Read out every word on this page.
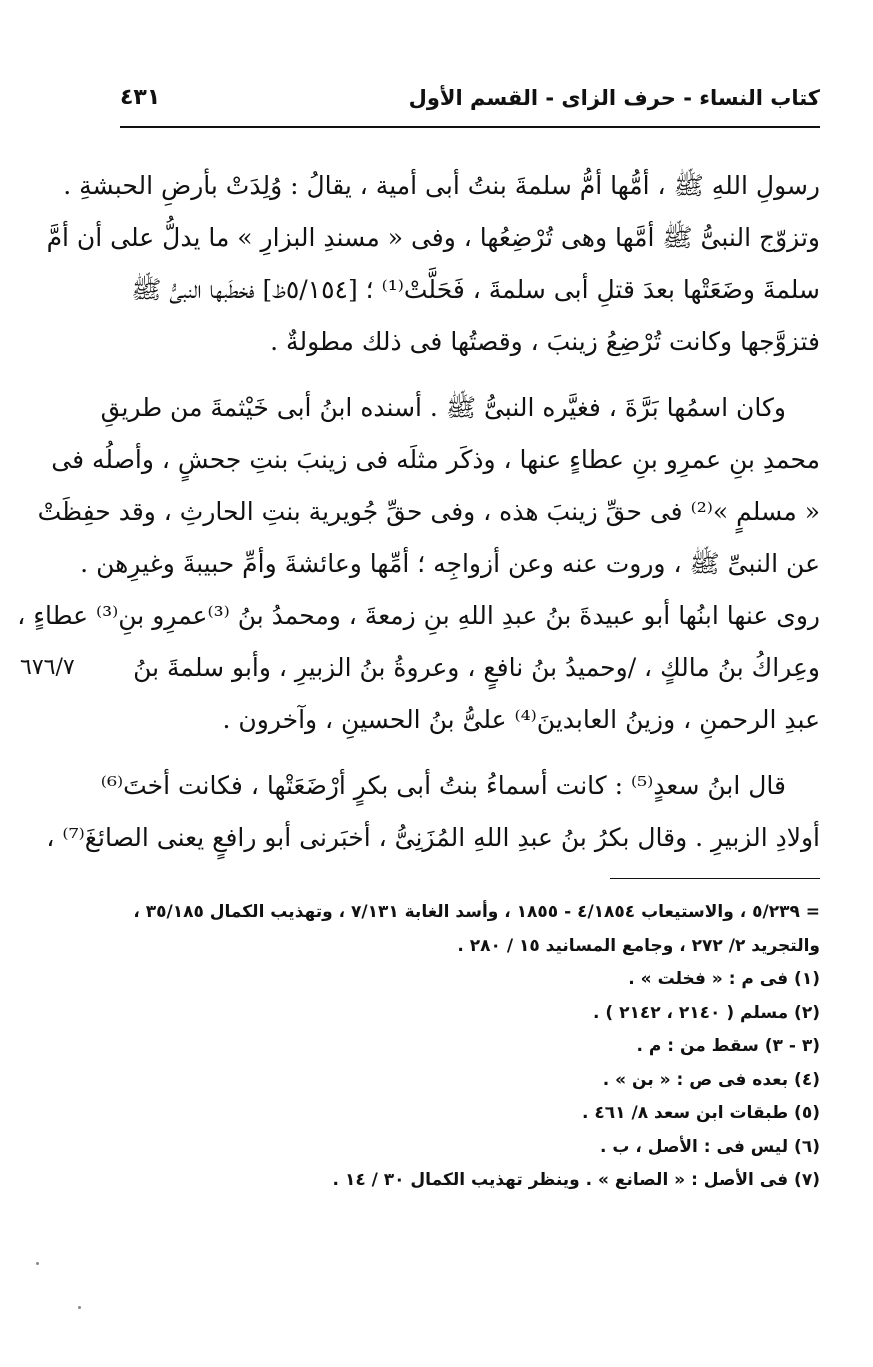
كتاب النساء - حرف الزاى - القسم الأول
٤٣١
رسولِ اللهِ ﷺ ، أمُّها أمُّ سلمةَ بنتُ أبى أمية ، يقالُ : وُلِدَتْ بأرضِ الحبشةِ .
وتزوّج النبىُّ ﷺ أمَّها وهى تُرْضِعُها ، وفى « مسندِ البزارِ » ما يدلُّ على أن أمَّ
سلمةَ وضَعَتْها بعدَ قتلِ أبى سلمةَ ، فَحَلَّتْ⁽¹⁾ ؛ [٥/١٥٤ظ] فخطَبها النبىُّ ﷺ
فتزوَّجها وكانت تُرْضِعُ زينبَ ، وقصتُها فى ذلك مطولةٌ .
وكان اسمُها بَرَّةَ ، فغيَّره النبىُّ ﷺ . أسنده ابنُ أبى خَيْثمةَ من طريقِ
محمدِ بنِ عمرِو بنِ عطاءٍ عنها ، وذكَر مثلَه فى زينبَ بنتِ جحشٍ ، وأصلُه فى
« مسلمٍ »⁽²⁾ فى حقِّ زينبَ هذه ، وفى حقِّ جُويرية بنتِ الحارثِ ، وقد حفِظَتْ
عن النبىِّ ﷺ ، وروت عنه وعن أزواجِه ؛ أمِّها وعائشةَ وأمِّ حبيبةَ وغيرِهن .
روى عنها ابنُها أبو عبيدةَ بنُ عبدِ اللهِ بنِ زمعةَ ، ومحمدُ بنُ ⁽³⁾عمرِو بنِ⁽³⁾ عطاءٍ ،
وعِراكُ بنُ مالكٍ ، /وحميدُ بنُ نافعٍ ، وعروةُ بنُ الزبيرِ ، وأبو سلمةَ بنُ
٦٧٦/٧
عبدِ الرحمنِ ، وزينُ العابدينَ⁽⁴⁾ علىُّ بنُ الحسينِ ، وآخرون .
قال ابنُ سعدٍ⁽⁵⁾ : كانت أسماءُ بنتُ أبى بكرٍ أرْضَعَتْها ، فكانت أختَ⁽⁶⁾
أولادِ الزبيرِ . وقال بكرُ بنُ عبدِ اللهِ المُزَنِىُّ ، أخبَرنى أبو رافعٍ يعنى الصائغَ⁽⁷⁾ ،
= ٥/٢٣٩ ، والاستيعاب ٤/١٨٥٤ - ١٨٥٥ ، وأسد الغابة ٧/١٣١ ، وتهذيب الكمال ٣٥/١٨٥ ،
والتجريد ٢/ ٢٧٢ ، وجامع المسانيد ١٥ / ٢٨٠ .
(١) فى م : « فخلت » .
(٢) مسلم ( ٢١٤٠ ، ٢١٤٢ ) .
(٣ - ٣) سقط من : م .
(٤) بعده فى ص : « بن » .
(٥) طبقات ابن سعد ٨/ ٤٦١ .
(٦) ليس فى : الأصل ، ب .
(٧) فى الأصل : « الصانع » . وينظر تهذيب الكمال ٣٠ / ١٤ .
